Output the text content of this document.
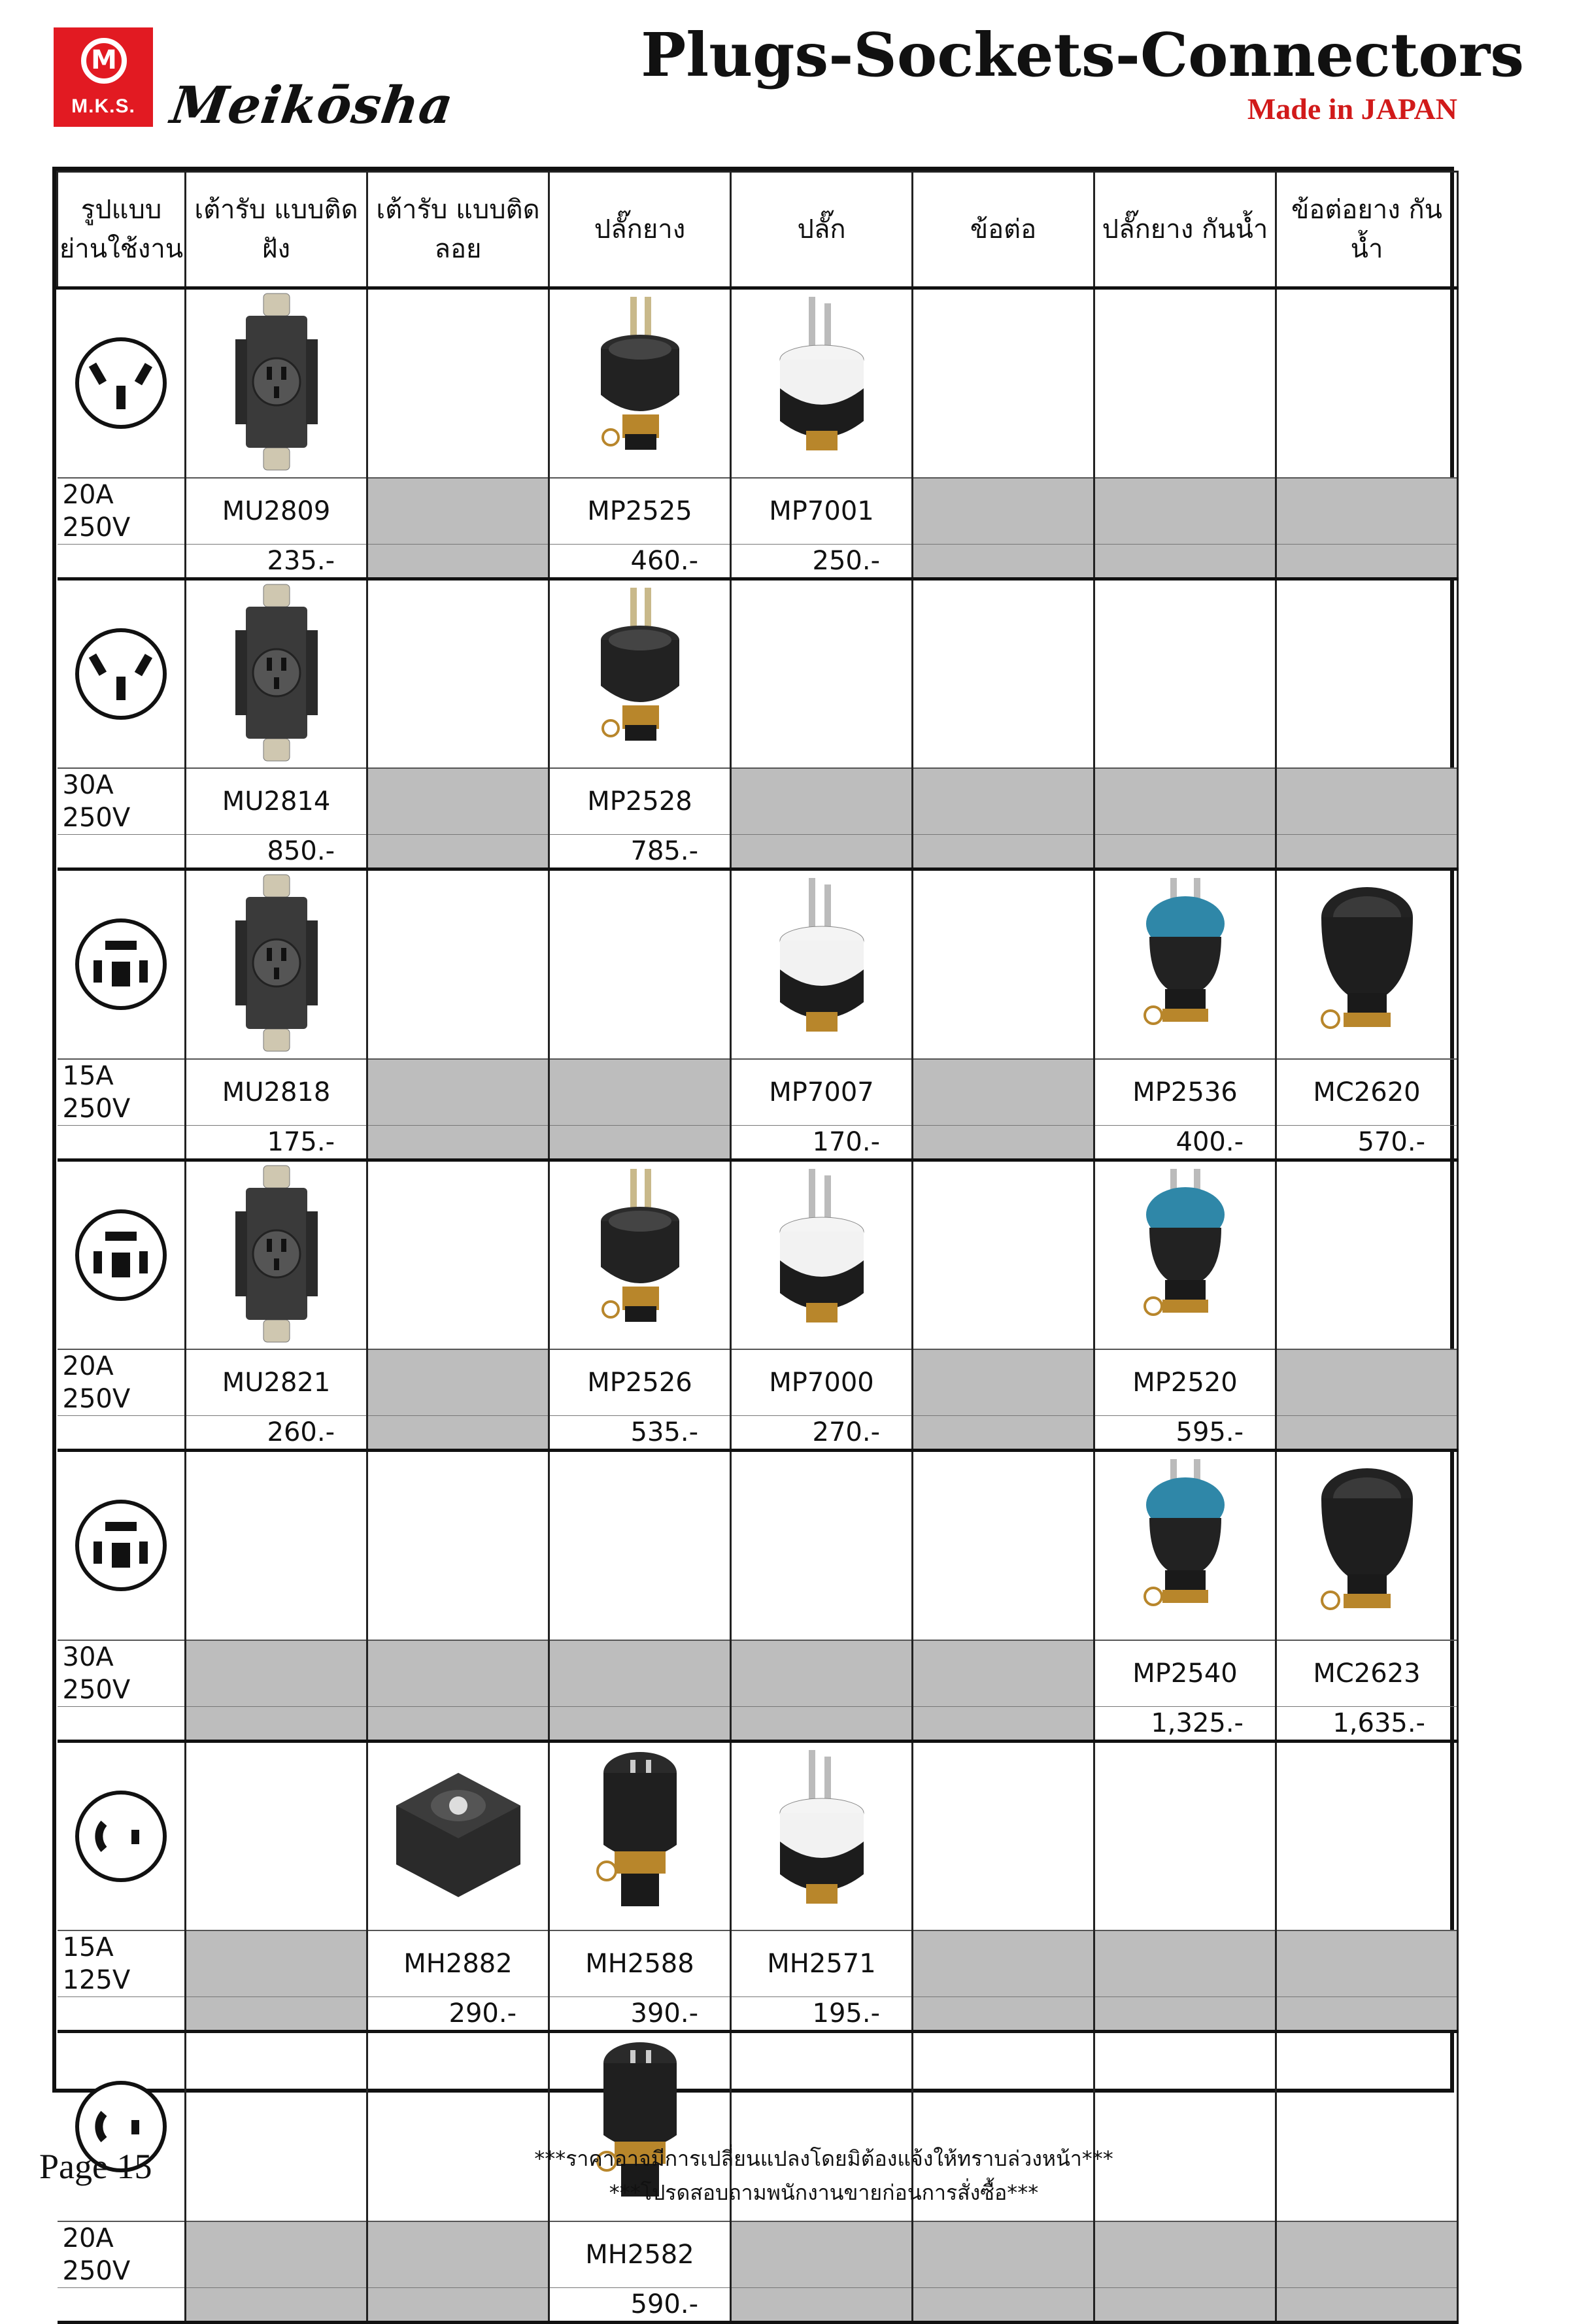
M
M.K.S. Meikōsha
Plugs-Sockets-Connectors
Made in JAPAN
รูปแบบ ย่านใช้งาน	เต้ารับ แบบติดฝัง	เต้ารับ แบบติดลอย	ปลั๊กยาง	ปลั๊ก	ข้อต่อ	ปลั๊กยาง กันน้ำ	ข้อต่อยาง กันน้ำ

20A 250V	MU2809		MP2525	MP7001			
	235.-		460.-	250.-			

30A 250V	MU2814		MP2528				
	850.-		785.-				

15A 250V	MU2818			MP7007		MP2536	MC2620
	175.-			170.-		400.-	570.-

20A 250V	MU2821		MP2526	MP7000		MP2520	
	260.-		535.-	270.-		595.-	

30A 250V						MP2540	MC2623
						1,325.-	1,635.-

15A 125V		MH2882	MH2588	MH2571			
		290.-	390.-	195.-			

20A 250V			MH2582				
			590.-				
Page 15	***ราคาอาจมีการเปลี่ยนแปลงโดยมิต้องแจ้งให้ทราบล่วงหน้า***
***โปรดสอบถามพนักงานขายก่อนการสั่งซื้อ***
